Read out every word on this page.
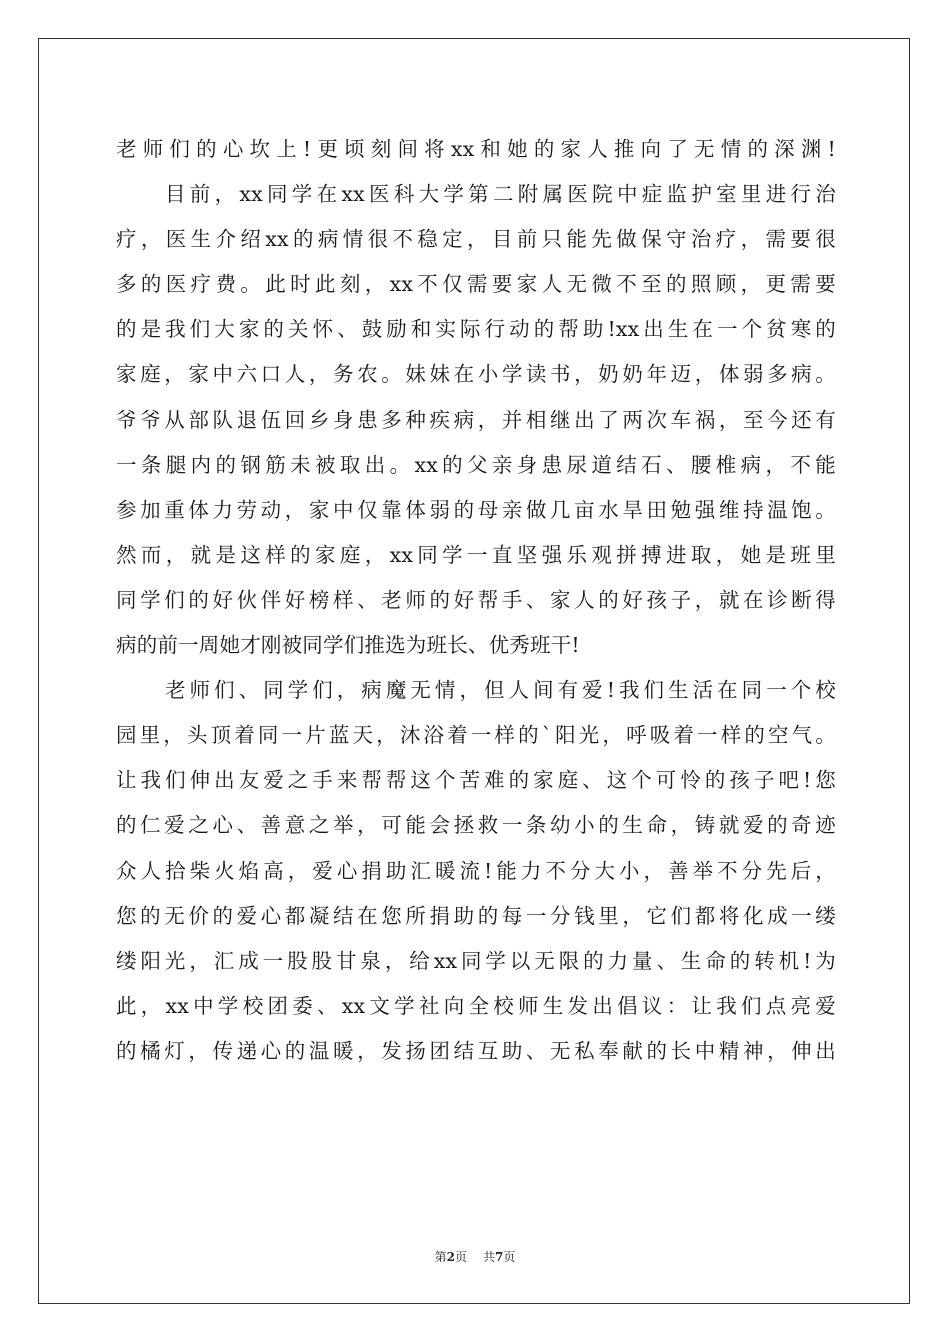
老师们的心坎上!更顷刻间将xx和她的家人推向了无情的深渊!
目前，xx同学在xx医科大学第二附属医院中症监护室里进行治
疗，医生介绍xx的病情很不稳定，目前只能先做保守治疗，需要很
多的医疗费。此时此刻，xx不仅需要家人无微不至的照顾，更需要
的是我们大家的关怀、鼓励和实际行动的帮助!xx出生在一个贫寒的
家庭，家中六口人，务农。妹妹在小学读书，奶奶年迈，体弱多病。
爷爷从部队退伍回乡身患多种疾病，并相继出了两次车祸，至今还有
一条腿内的钢筋未被取出。xx的父亲身患尿道结石、腰椎病，不能
参加重体力劳动，家中仅靠体弱的母亲做几亩水旱田勉强维持温饱。
然而，就是这样的家庭，xx同学一直坚强乐观拼搏进取，她是班里
同学们的好伙伴好榜样、老师的好帮手、家人的好孩子，就在诊断得
病的前一周她才刚被同学们推选为班长、优秀班干!
老师们、同学们，病魔无情，但人间有爱!我们生活在同一个校
园里，头顶着同一片蓝天，沐浴着一样的`阳光，呼吸着一样的空气。
让我们伸出友爱之手来帮帮这个苦难的家庭、这个可怜的孩子吧!您
的仁爱之心、善意之举，可能会拯救一条幼小的生命，铸就爱的奇迹
众人拾柴火焰高，爱心捐助汇暖流!能力不分大小，善举不分先后，
您的无价的爱心都凝结在您所捐助的每一分钱里，它们都将化成一缕
缕阳光，汇成一股股甘泉，给xx同学以无限的力量、生命的转机!为
此，xx中学校团委、xx文学社向全校师生发出倡议：让我们点亮爱
的橘灯，传递心的温暖，发扬团结互助、无私奉献的长中精神，伸出
第2页 共7页
